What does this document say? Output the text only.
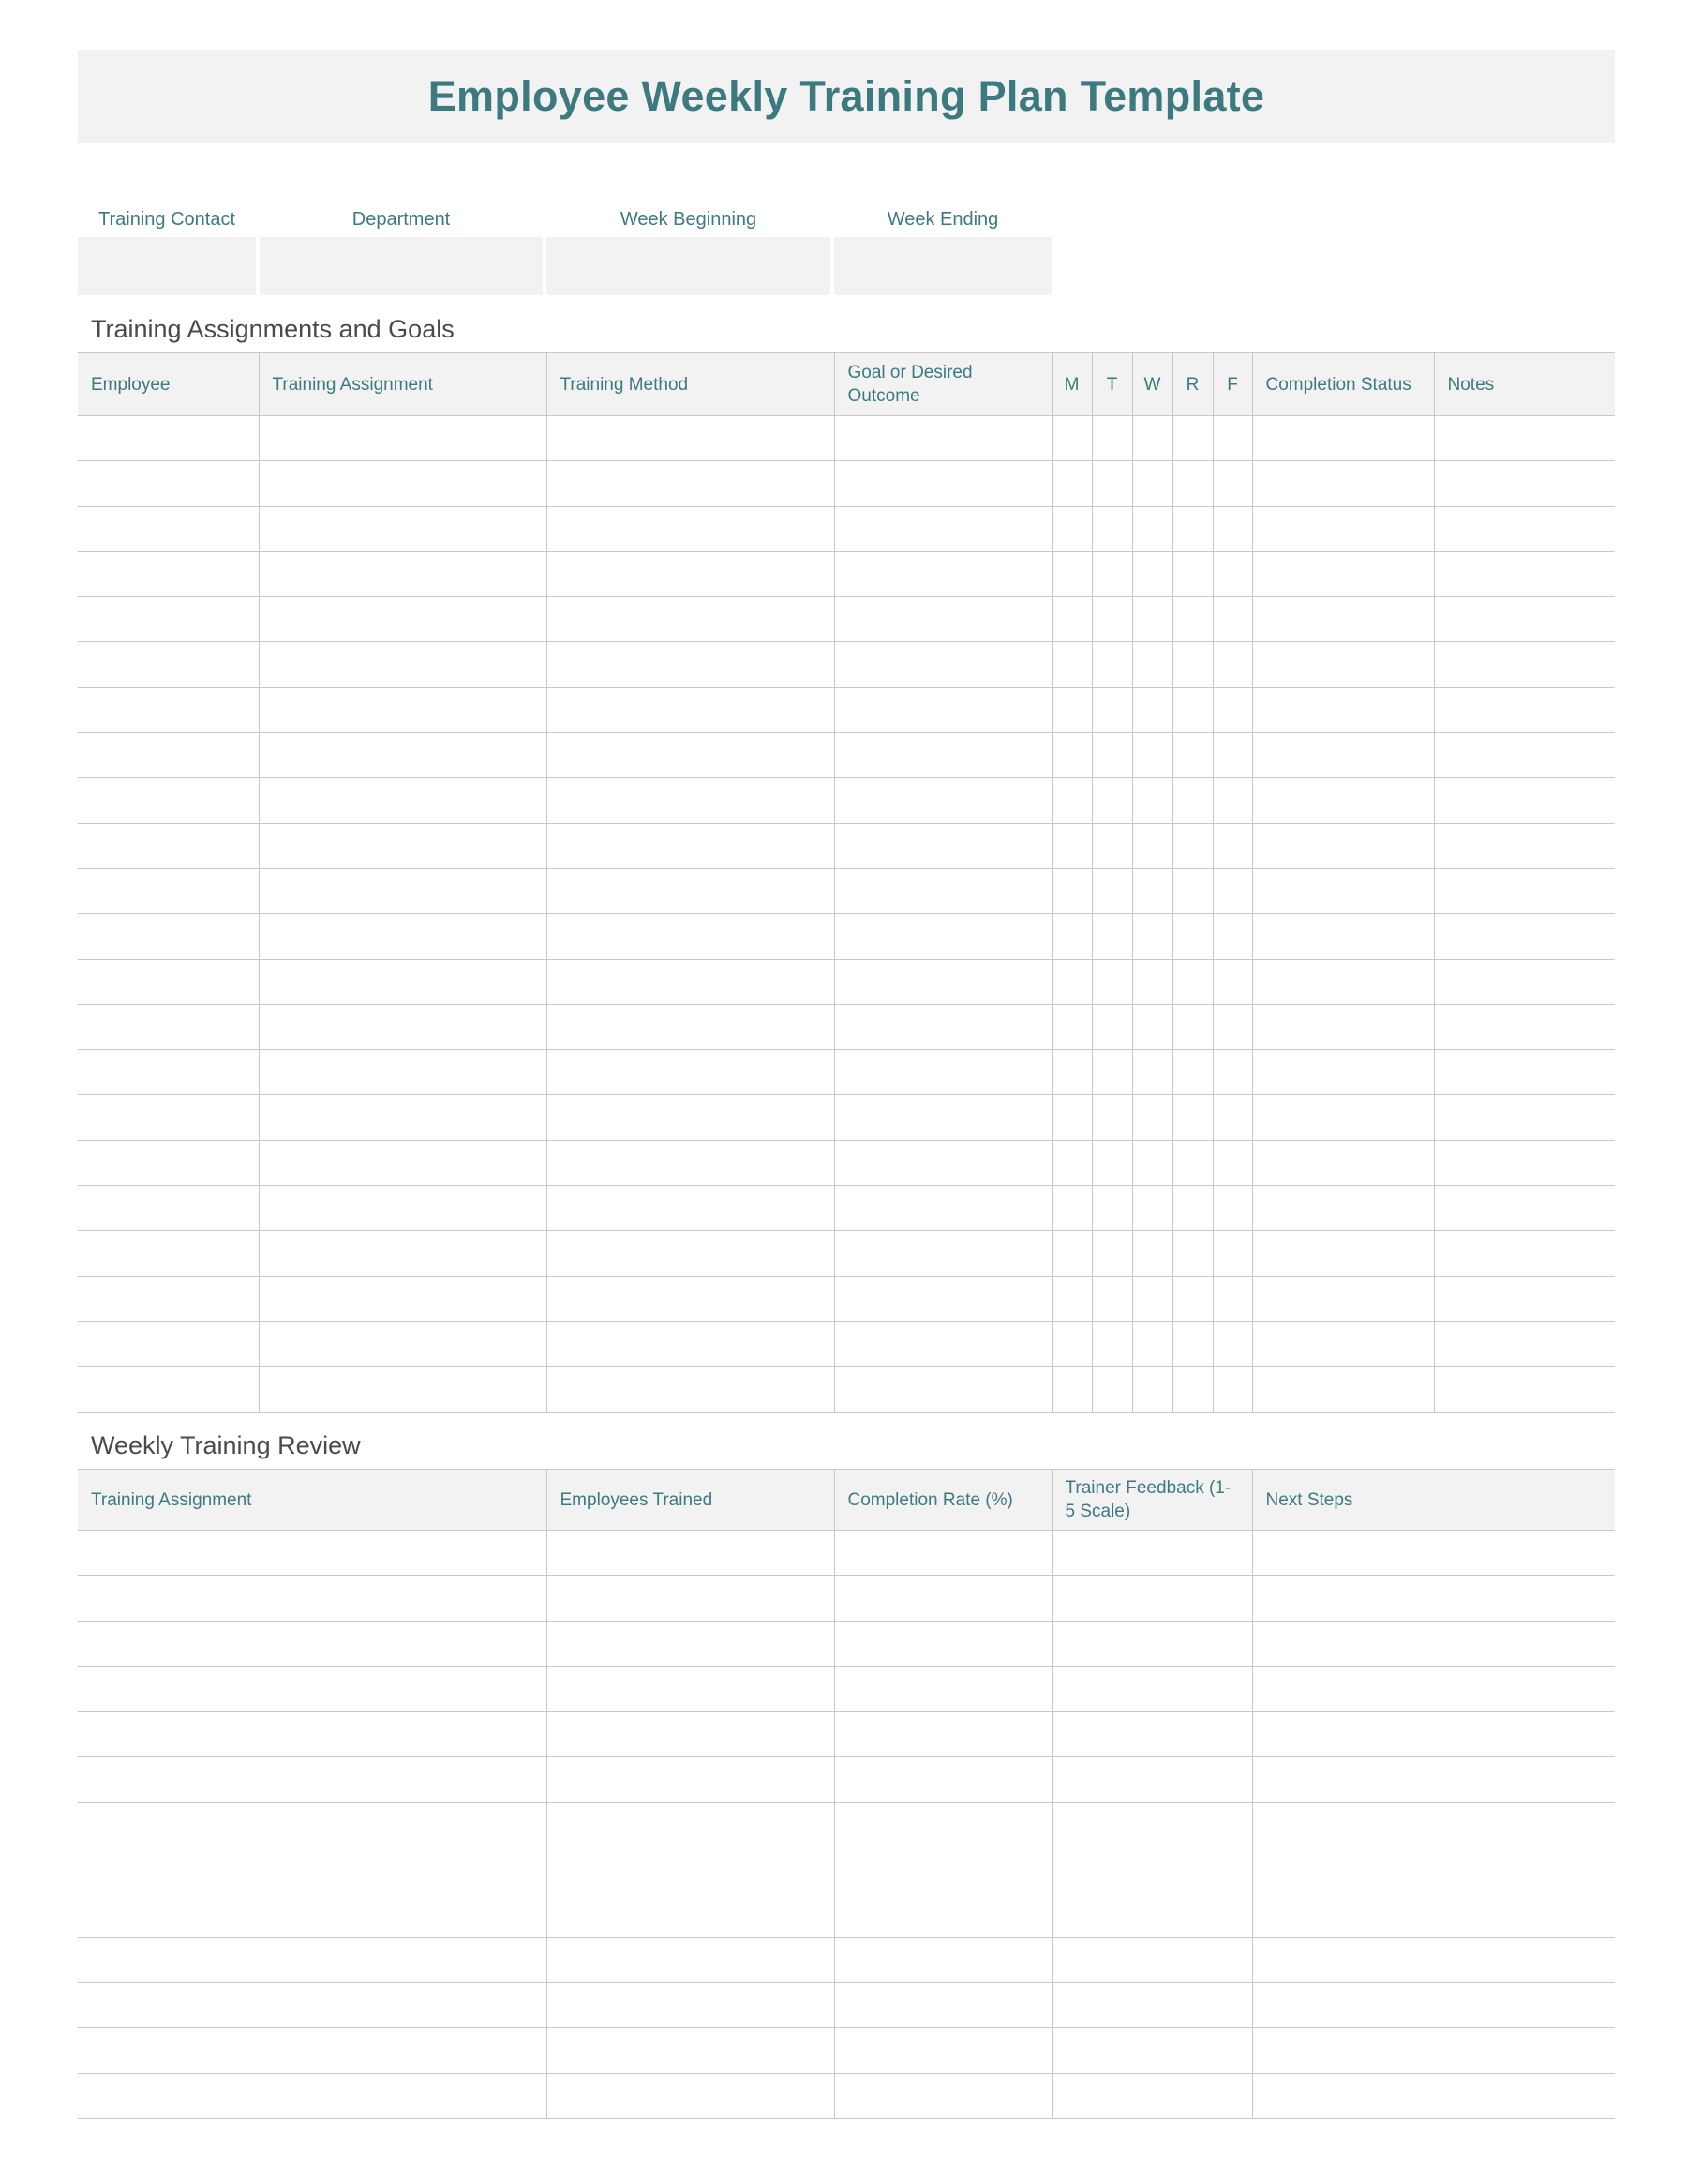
Employee Weekly Training Plan Template
Training Contact	Department	Week Beginning	Week Ending
Training Assignments and Goals
Employee	Training Assignment	Training Method	Goal or Desired Outcome	M	T	W	R	F	Completion Status	Notes

Weekly Training Review
Training Assignment	Employees Trained	Completion Rate (%)	Trainer Feedback (1-5 Scale)	Next Steps
